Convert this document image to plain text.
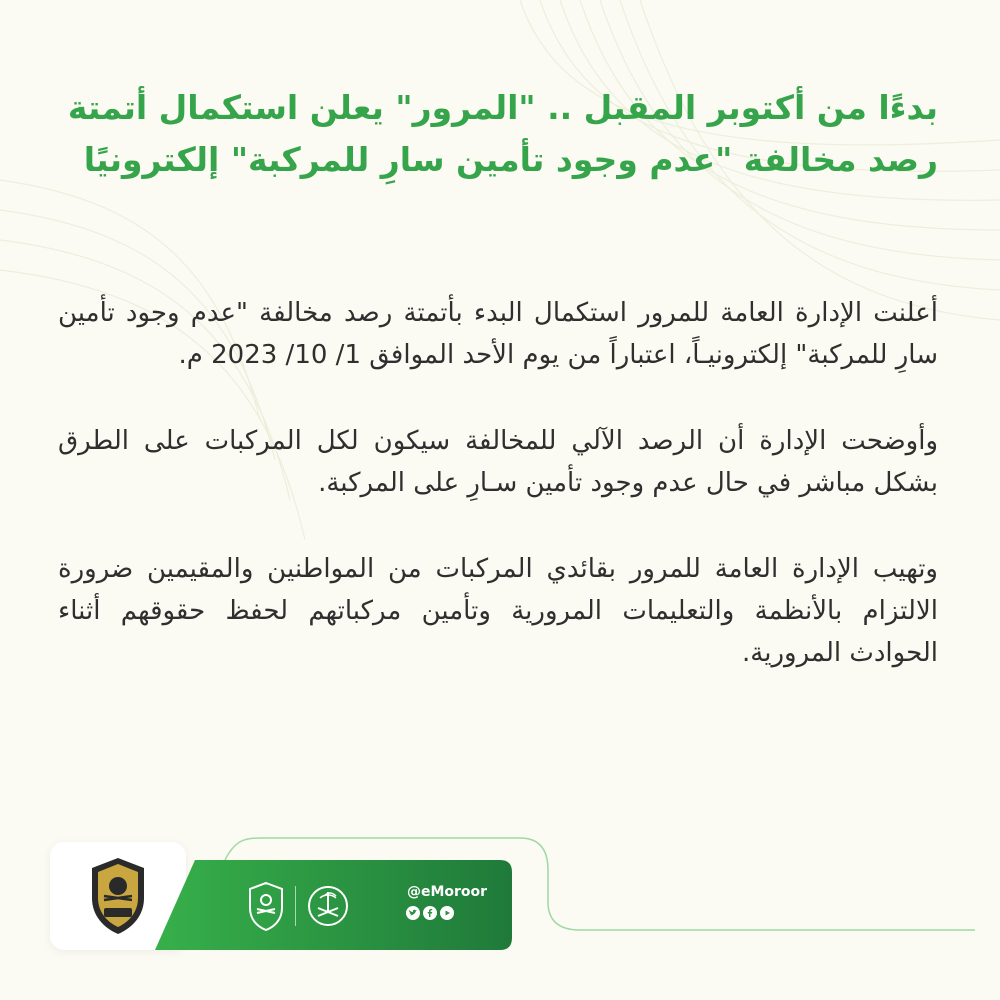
بدءًا من أكتوبر المقبل .. "المرور" يعلن استكمال أتمتة
رصد مخالفة "عدم وجود تأمين سارِ للمركبة" إلكترونيًا

أعلنت الإدارة العامة للمرور استكمال البدء بأتمتة رصد مخالفة "عدم وجود تأمين سارِ للمركبة" إلكترونيـاً، اعتباراً من يوم الأحد الموافق 1/ 10/ 2023 م.

وأوضحت الإدارة أن الرصد الآلي للمخالفة سيكون لكل المركبات على الطرق بشكل مباشر في حال عدم وجود تأمين سـارِ على المركبة.

وتهيب الإدارة العامة للمرور بقائدي المركبات من المواطنين والمقيمين ضرورة الالتزام بالأنظمة والتعليمات المرورية وتأمين مركباتهم لحفظ حقوقهم أثناء الحوادث المرورية.

@eMoroor
